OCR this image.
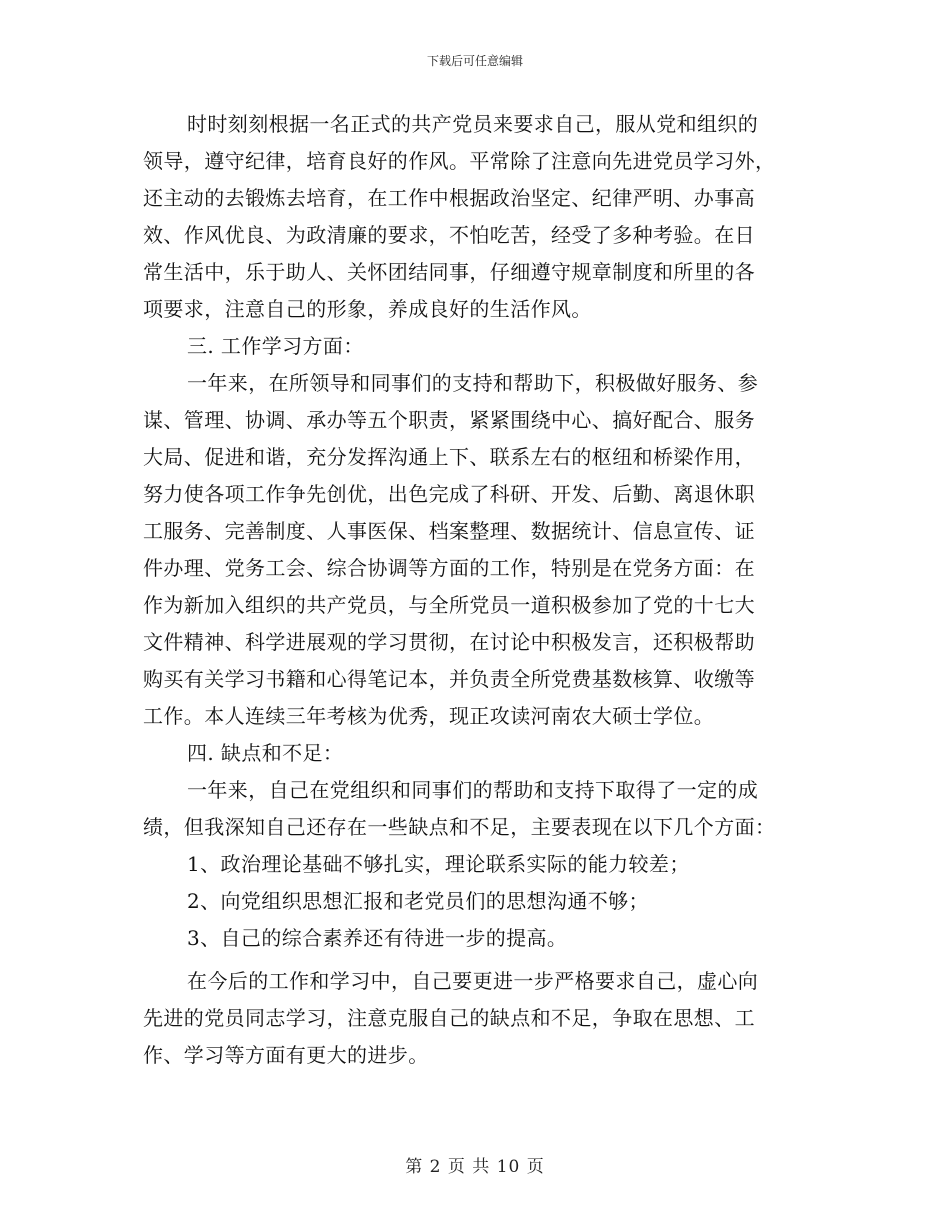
下载后可任意编辑
时时刻刻根据一名正式的共产党员来要求自己，服从党和组织的
领导，遵守纪律，培育良好的作风。平常除了注意向先进党员学习外，
还主动的去锻炼去培育，在工作中根据政治坚定、纪律严明、办事高
效、作风优良、为政清廉的要求，不怕吃苦，经受了多种考验。在日
常生活中，乐于助人、关怀团结同事，仔细遵守规章制度和所里的各
项要求，注意自己的形象，养成良好的生活作风。
三. 工作学习方面：
一年来，在所领导和同事们的支持和帮助下，积极做好服务、参
谋、管理、协调、承办等五个职责，紧紧围绕中心、搞好配合、服务
大局、促进和谐，充分发挥沟通上下、联系左右的枢纽和桥梁作用，
努力使各项工作争先创优，出色完成了科研、开发、后勤、离退休职
工服务、完善制度、人事医保、档案整理、数据统计、信息宣传、证
件办理、党务工会、综合协调等方面的工作，特别是在党务方面：在
作为新加入组织的共产党员，与全所党员一道积极参加了党的十七大
文件精神、科学进展观的学习贯彻，在讨论中积极发言，还积极帮助
购买有关学习书籍和心得笔记本，并负责全所党费基数核算、收缴等
工作。本人连续三年考核为优秀，现正攻读河南农大硕士学位。
四. 缺点和不足：
一年来，自己在党组织和同事们的帮助和支持下取得了一定的成
绩，但我深知自己还存在一些缺点和不足，主要表现在以下几个方面：
1、政治理论基础不够扎实，理论联系实际的能力较差；
2、向党组织思想汇报和老党员们的思想沟通不够；
3、自己的综合素养还有待进一步的提高。
在今后的工作和学习中，自己要更进一步严格要求自己，虚心向
先进的党员同志学习，注意克服自己的缺点和不足，争取在思想、工
作、学习等方面有更大的进步。
第 2 页 共 10 页
